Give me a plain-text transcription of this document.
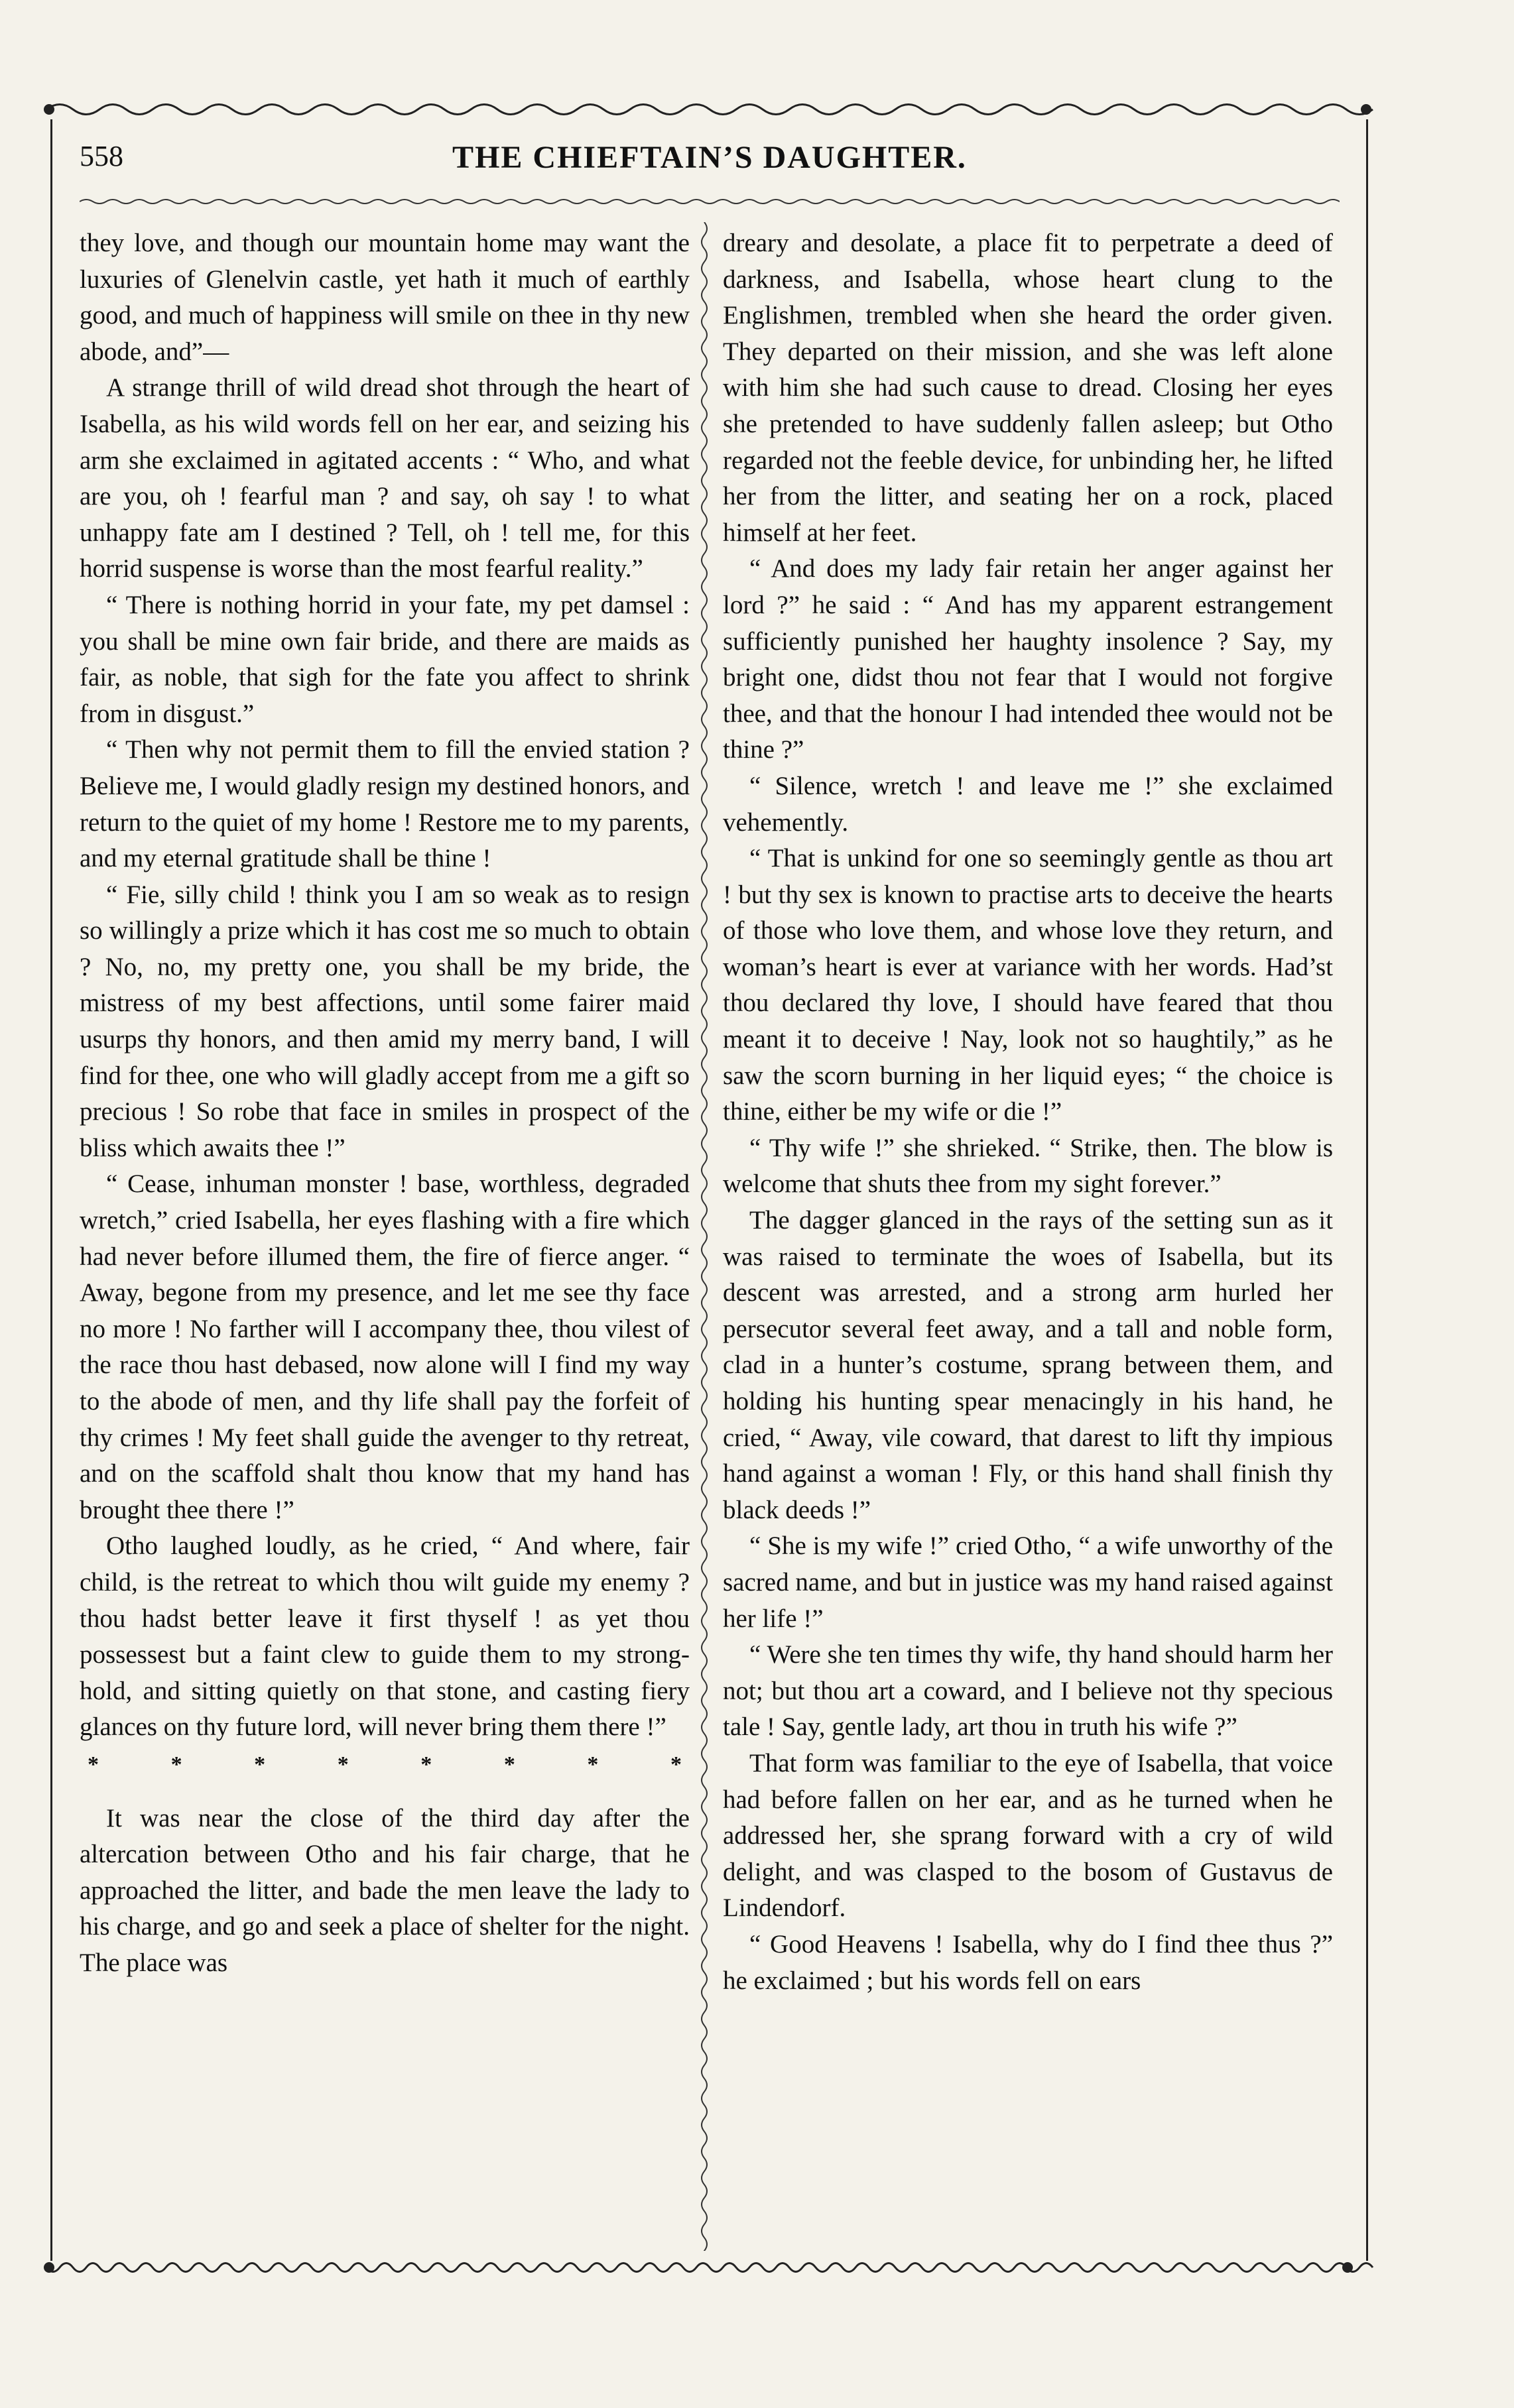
558	THE CHIEFTAIN’S DAUGHTER.

they love, and though our mountain home may want the luxuries of Glenelvin castle, yet hath it much of earthly good, and much of happiness will smile on thee in thy new abode, and”—

A strange thrill of wild dread shot through the heart of Isabella, as his wild words fell on her ear, and seizing his arm she exclaimed in agitated accents : “ Who, and what are you, oh ! fearful man ? and say, oh say ! to what unhappy fate am I destined ? Tell, oh ! tell me, for this horrid suspense is worse than the most fearful reality.”

“ There is nothing horrid in your fate, my pet damsel : you shall be mine own fair bride, and there are maids as fair, as noble, that sigh for the fate you affect to shrink from in disgust.”

“ Then why not permit them to fill the envied station ? Believe me, I would gladly resign my destined honors, and return to the quiet of my home ! Restore me to my parents, and my eternal gratitude shall be thine !

“ Fie, silly child ! think you I am so weak as to resign so willingly a prize which it has cost me so much to obtain ? No, no, my pretty one, you shall be my bride, the mistress of my best affections, until some fairer maid usurps thy honors, and then amid my merry band, I will find for thee, one who will gladly accept from me a gift so precious ! So robe that face in smiles in prospect of the bliss which awaits thee !”

“ Cease, inhuman monster ! base, worthless, degraded wretch,” cried Isabella, her eyes flashing with a fire which had never before illumed them, the fire of fierce anger. “ Away, begone from my presence, and let me see thy face no more ! No farther will I accompany thee, thou vilest of the race thou hast debased, now alone will I find my way to the abode of men, and thy life shall pay the forfeit of thy crimes ! My feet shall guide the avenger to thy retreat, and on the scaffold shalt thou know that my hand has brought thee there !”

Otho laughed loudly, as he cried, “ And where, fair child, is the retreat to which thou wilt guide my enemy ? thou hadst better leave it first thyself ! as yet thou possessest but a faint clew to guide them to my strong-hold, and sitting quietly on that stone, and casting fiery glances on thy future lord, will never bring them there !”

*	*	*	*	*	*	*	*

It was near the close of the third day after the altercation between Otho and his fair charge, that he approached the litter, and bade the men leave the lady to his charge, and go and seek a place of shelter for the night. The place was

dreary and desolate, a place fit to perpetrate a deed of darkness, and Isabella, whose heart clung to the Englishmen, trembled when she heard the order given. They departed on their mission, and she was left alone with him she had such cause to dread. Closing her eyes she pretended to have suddenly fallen asleep; but Otho regarded not the feeble device, for unbinding her, he lifted her from the litter, and seating her on a rock, placed himself at her feet.

“ And does my lady fair retain her anger against her lord ?” he said : “ And has my apparent estrangement sufficiently punished her haughty insolence ? Say, my bright one, didst thou not fear that I would not forgive thee, and that the honour I had intended thee would not be thine ?”

“ Silence, wretch ! and leave me !” she exclaimed vehemently.

“ That is unkind for one so seemingly gentle as thou art ! but thy sex is known to practise arts to deceive the hearts of those who love them, and whose love they return, and woman’s heart is ever at variance with her words. Had’st thou declared thy love, I should have feared that thou meant it to deceive ! Nay, look not so haughtily,” as he saw the scorn burning in her liquid eyes; “ the choice is thine, either be my wife or die !”

“ Thy wife !” she shrieked. “ Strike, then. The blow is welcome that shuts thee from my sight forever.”

The dagger glanced in the rays of the setting sun as it was raised to terminate the woes of Isabella, but its descent was arrested, and a strong arm hurled her persecutor several feet away, and a tall and noble form, clad in a hunter’s costume, sprang between them, and holding his hunting spear menacingly in his hand, he cried, “ Away, vile coward, that darest to lift thy impious hand against a woman ! Fly, or this hand shall finish thy black deeds !”

“ She is my wife !” cried Otho, “ a wife unworthy of the sacred name, and but in justice was my hand raised against her life !”

“ Were she ten times thy wife, thy hand should harm her not; but thou art a coward, and I believe not thy specious tale ! Say, gentle lady, art thou in truth his wife ?”

That form was familiar to the eye of Isabella, that voice had before fallen on her ear, and as he turned when he addressed her, she sprang forward with a cry of wild delight, and was clasped to the bosom of Gustavus de Lindendorf.

“ Good Heavens ! Isabella, why do I find thee thus ?” he exclaimed ; but his words fell on ears
